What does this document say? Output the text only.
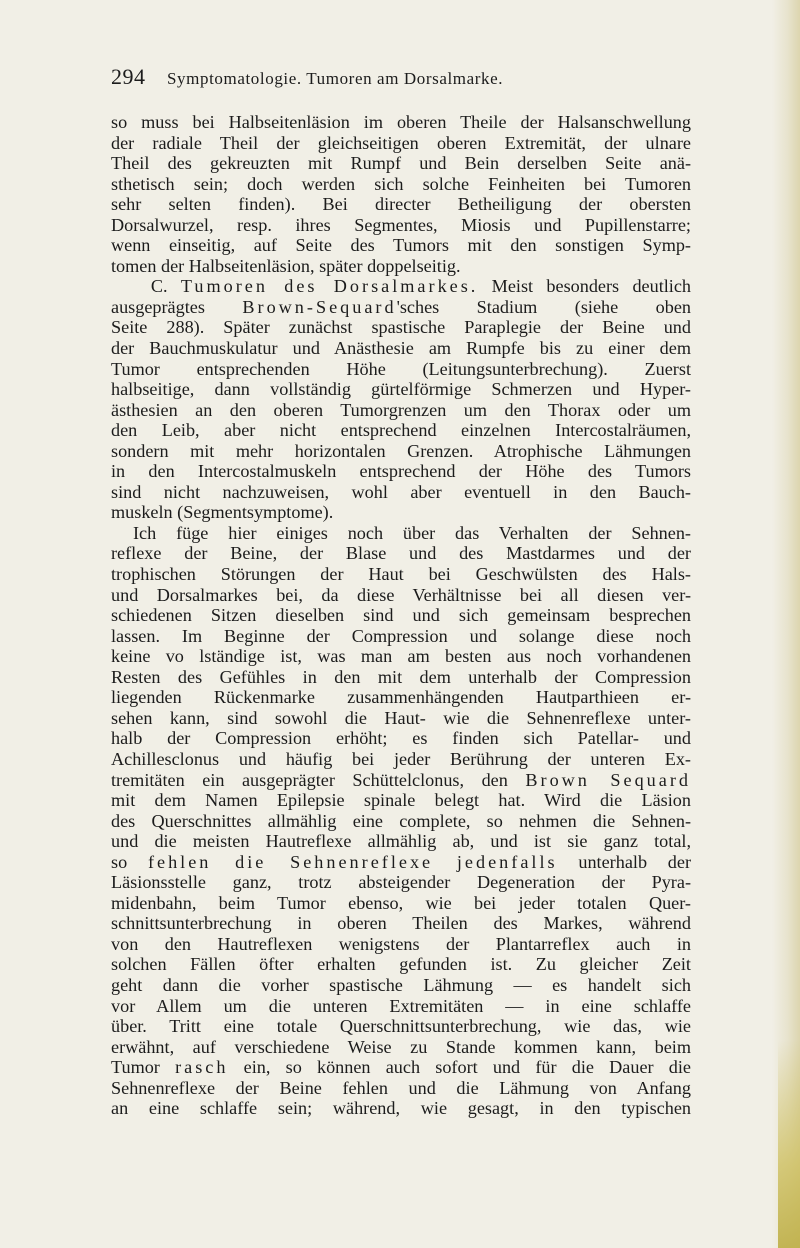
294 Symptomatologie. Tumoren am Dorsalmarke.
so muss bei Halbseitenläsion im oberen Theile der Halsanschwellung
der radiale Theil der gleichseitigen oberen Extremität, der ulnare
Theil des gekreuzten mit Rumpf und Bein derselben Seite anä-
sthetisch sein; doch werden sich solche Feinheiten bei Tumoren
sehr selten finden). Bei directer Betheiligung der obersten
Dorsalwurzel, resp. ihres Segmentes, Miosis und Pupillenstarre;
wenn einseitig, auf Seite des Tumors mit den sonstigen Symp-
tomen der Halbseitenläsion, später doppelseitig.
C. Tumoren des Dorsalmarkes. Meist besonders deutlich
ausgeprägtes Brown-Sequard'sches Stadium (siehe oben
Seite 288). Später zunächst spastische Paraplegie der Beine und
der Bauchmuskulatur und Anästhesie am Rumpfe bis zu einer dem
Tumor entsprechenden Höhe (Leitungsunterbrechung). Zuerst
halbseitige, dann vollständig gürtelförmige Schmerzen und Hyper-
ästhesien an den oberen Tumorgrenzen um den Thorax oder um
den Leib, aber nicht entsprechend einzelnen Intercostalräumen,
sondern mit mehr horizontalen Grenzen. Atrophische Lähmungen
in den Intercostalmuskeln entsprechend der Höhe des Tumors
sind nicht nachzuweisen, wohl aber eventuell in den Bauch-
muskeln (Segmentsymptome).
Ich füge hier einiges noch über das Verhalten der Sehnen-
reflexe der Beine, der Blase und des Mastdarmes und der
trophischen Störungen der Haut bei Geschwülsten des Hals-
und Dorsalmarkes bei, da diese Verhältnisse bei all diesen ver-
schiedenen Sitzen dieselben sind und sich gemeinsam besprechen
lassen. Im Beginne der Compression und solange diese noch
keine vo lständige ist, was man am besten aus noch vorhandenen
Resten des Gefühles in den mit dem unterhalb der Compression
liegenden Rückenmarke zusammenhängenden Hautparthieen er-
sehen kann, sind sowohl die Haut- wie die Sehnenreflexe unter-
halb der Compression erhöht; es finden sich Patellar- und
Achillesclonus und häufig bei jeder Berührung der unteren Ex-
tremitäten ein ausgeprägter Schüttelclonus, den Brown Sequard
mit dem Namen Epilepsie spinale belegt hat. Wird die Läsion
des Querschnittes allmählig eine complete, so nehmen die Sehnen-
und die meisten Hautreflexe allmählig ab, und ist sie ganz total,
so fehlen die Sehnenreflexe jedenfalls unterhalb der
Läsionsstelle ganz, trotz absteigender Degeneration der Pyra-
midenbahn, beim Tumor ebenso, wie bei jeder totalen Quer-
schnittsunterbrechung in oberen Theilen des Markes, während
von den Hautreflexen wenigstens der Plantarreflex auch in
solchen Fällen öfter erhalten gefunden ist. Zu gleicher Zeit
geht dann die vorher spastische Lähmung — es handelt sich
vor Allem um die unteren Extremitäten — in eine schlaffe
über. Tritt eine totale Querschnittsunterbrechung, wie das, wie
erwähnt, auf verschiedene Weise zu Stande kommen kann, beim
Tumor rasch ein, so können auch sofort und für die Dauer die
Sehnenreflexe der Beine fehlen und die Lähmung von Anfang
an eine schlaffe sein; während, wie gesagt, in den typischen
